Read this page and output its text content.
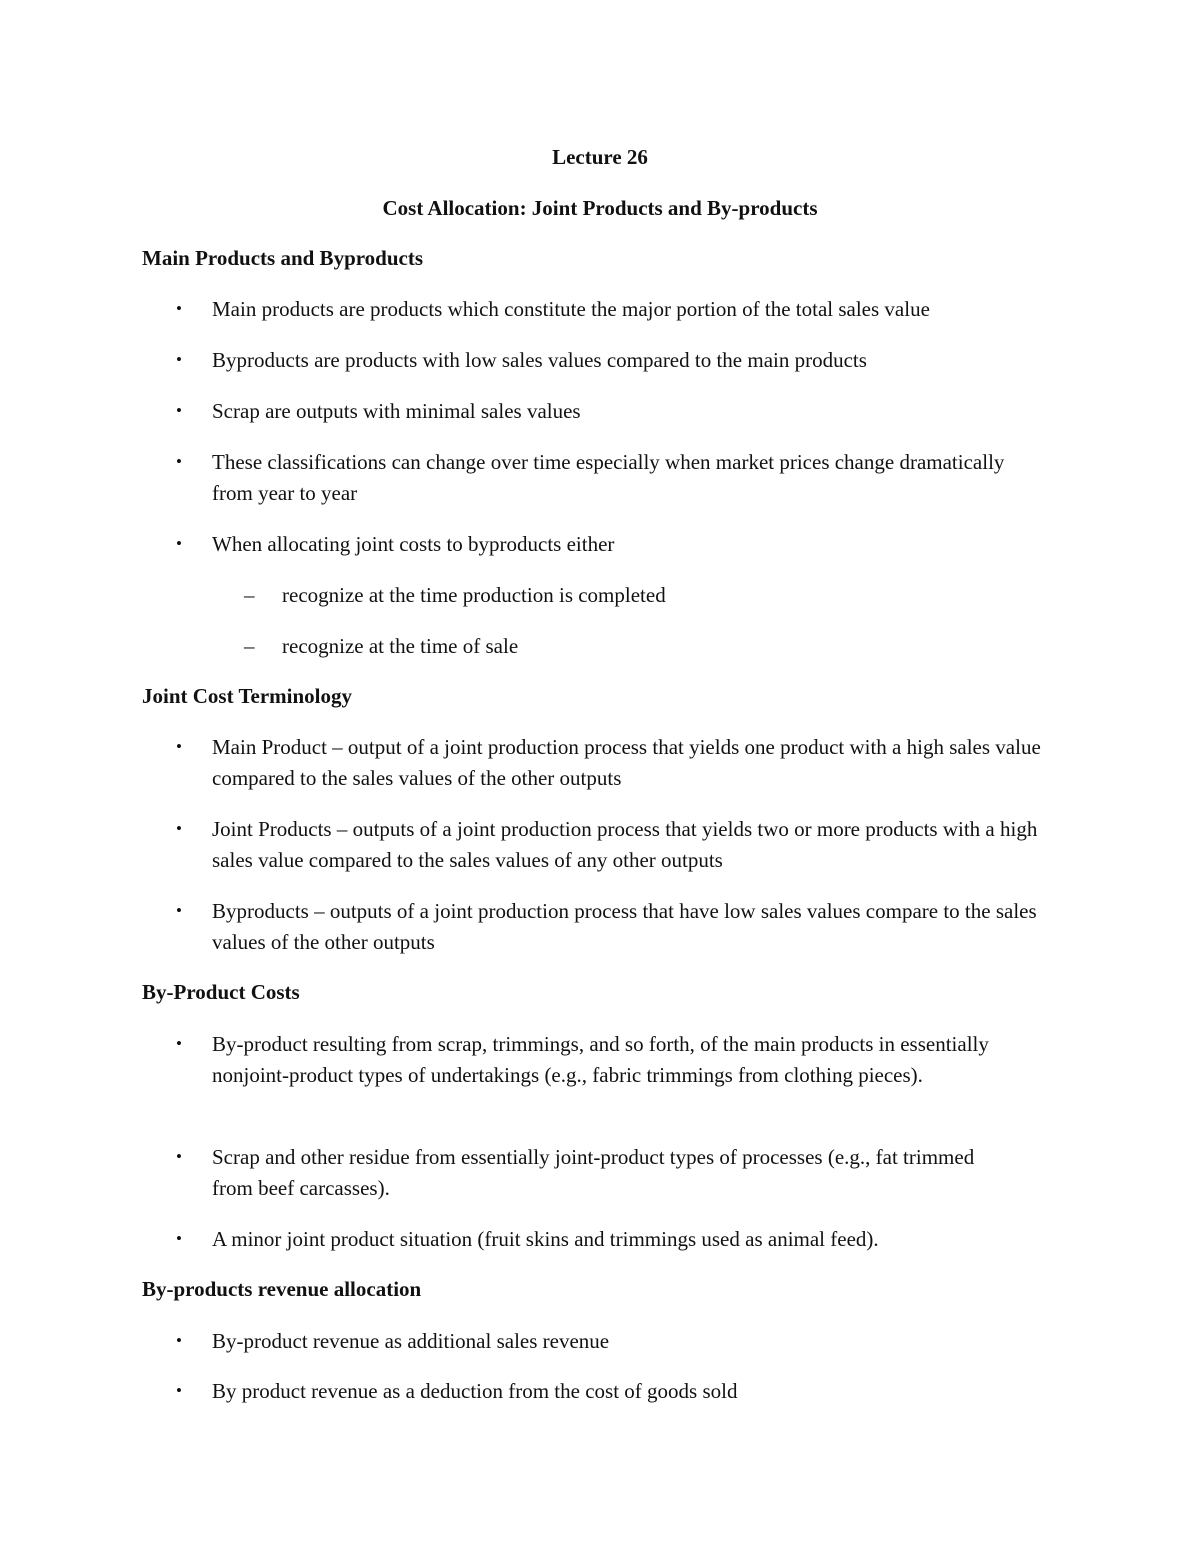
Lecture 26
Cost Allocation: Joint Products and By-products
Main Products and Byproducts
• Main products are products which constitute the major portion of the total sales value
• Byproducts are products with low sales values compared to the main products
• Scrap are outputs with minimal sales values
• These classifications can change over time especially when market prices change dramatically from year to year
• When allocating joint costs to byproducts either
– recognize at the time production is completed
– recognize at the time of sale
Joint Cost Terminology
• Main Product – output of a joint production process that yields one product with a high sales value compared to the sales values of the other outputs
• Joint Products – outputs of a joint production process that yields two or more products with a high sales value compared to the sales values of any other outputs
• Byproducts – outputs of a joint production process that have low sales values compare to the sales values of the other outputs
By-Product Costs
• By-product resulting from scrap, trimmings, and so forth, of the main products in essentially nonjoint-product types of undertakings (e.g., fabric trimmings from clothing pieces).
• Scrap and other residue from essentially joint-product types of processes (e.g., fat trimmed from beef carcasses).
• A minor joint product situation (fruit skins and trimmings used as animal feed).
By-products revenue allocation
• By-product revenue as additional sales revenue
• By product revenue as a deduction from the cost of goods sold
